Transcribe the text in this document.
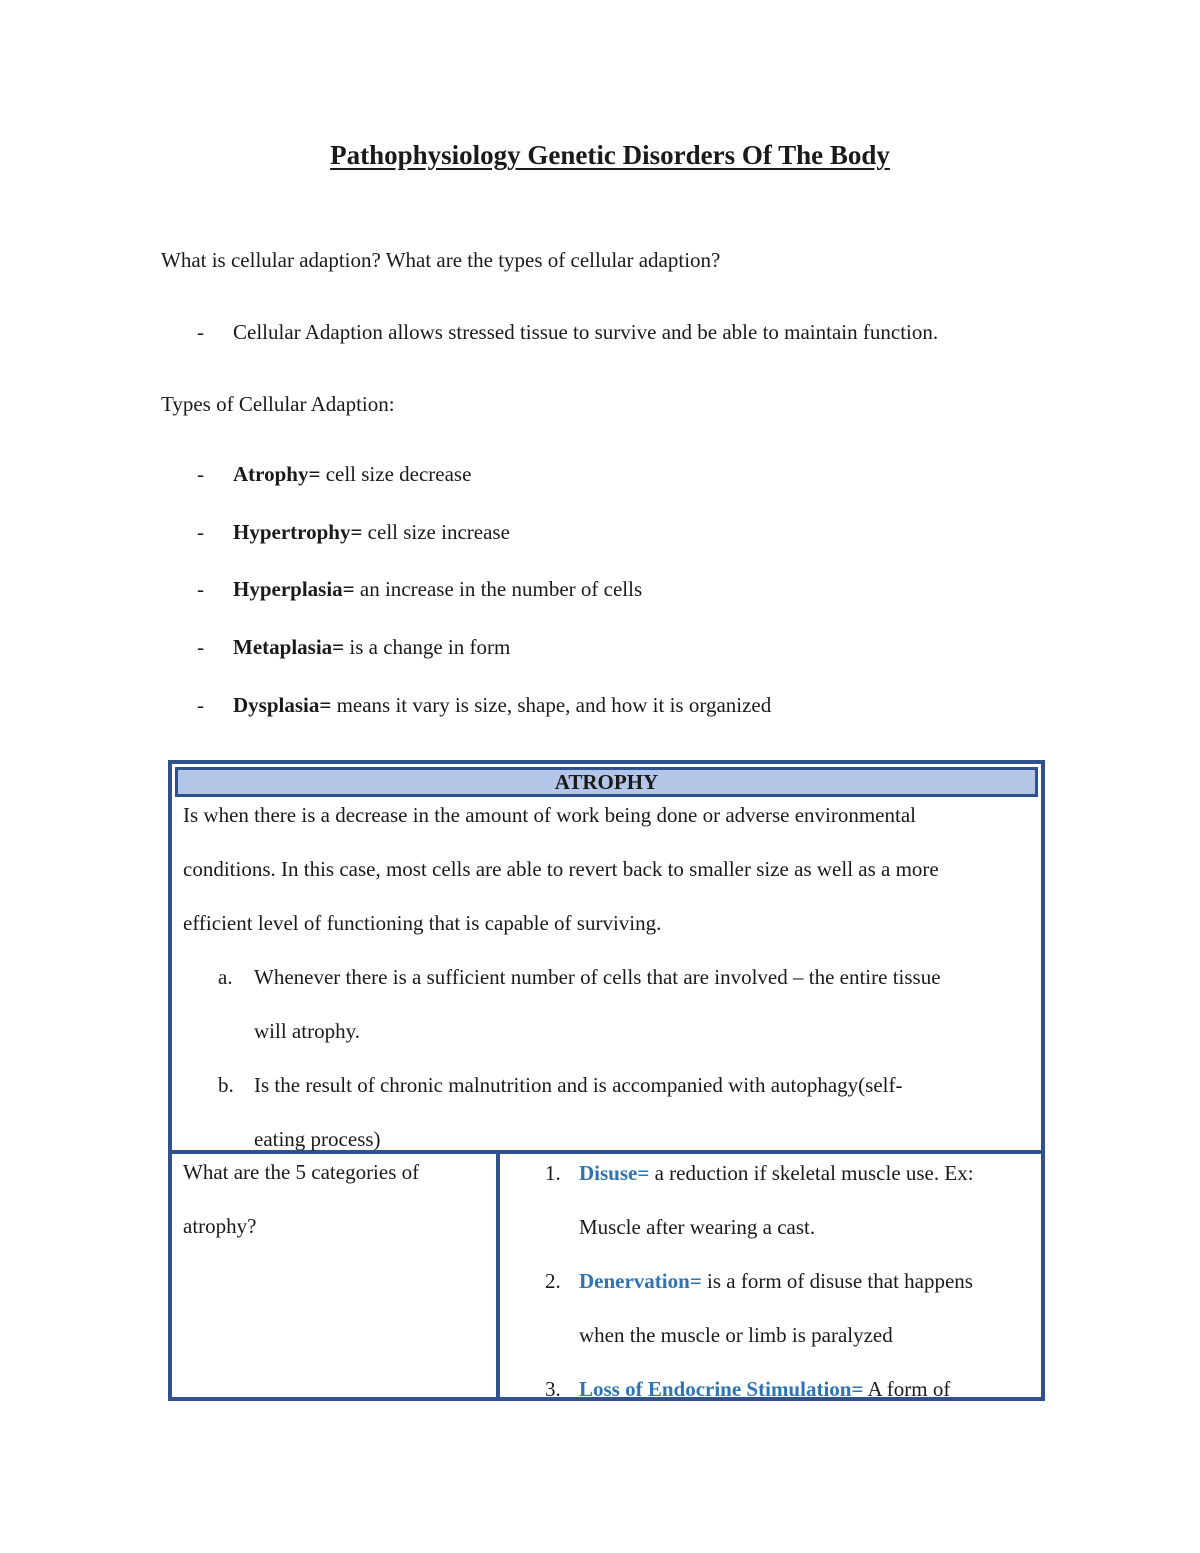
Pathophysiology Genetic Disorders Of The Body

What is cellular adaption? What are the types of cellular adaption?

- Cellular Adaption allows stressed tissue to survive and be able to maintain function.

Types of Cellular Adaption:

- Atrophy= cell size decrease
- Hypertrophy= cell size increase
- Hyperplasia= an increase in the number of cells
- Metaplasia= is a change in form
- Dysplasia= means it vary is size, shape, and how it is organized
ATROPHY
Is when there is a decrease in the amount of work being done or adverse environmental
conditions. In this case, most cells are able to revert back to smaller size as well as a more
efficient level of functioning that is capable of surviving.
a. Whenever there is a sufficient number of cells that are involved – the entire tissue
will atrophy.
b. Is the result of chronic malnutrition and is accompanied with autophagy(self-
eating process)
What are the 5 categories of
atrophy?
1. Disuse= a reduction if skeletal muscle use. Ex:
Muscle after wearing a cast.
2. Denervation= is a form of disuse that happens
when the muscle or limb is paralyzed
3. Loss of Endocrine Stimulation= A form of
